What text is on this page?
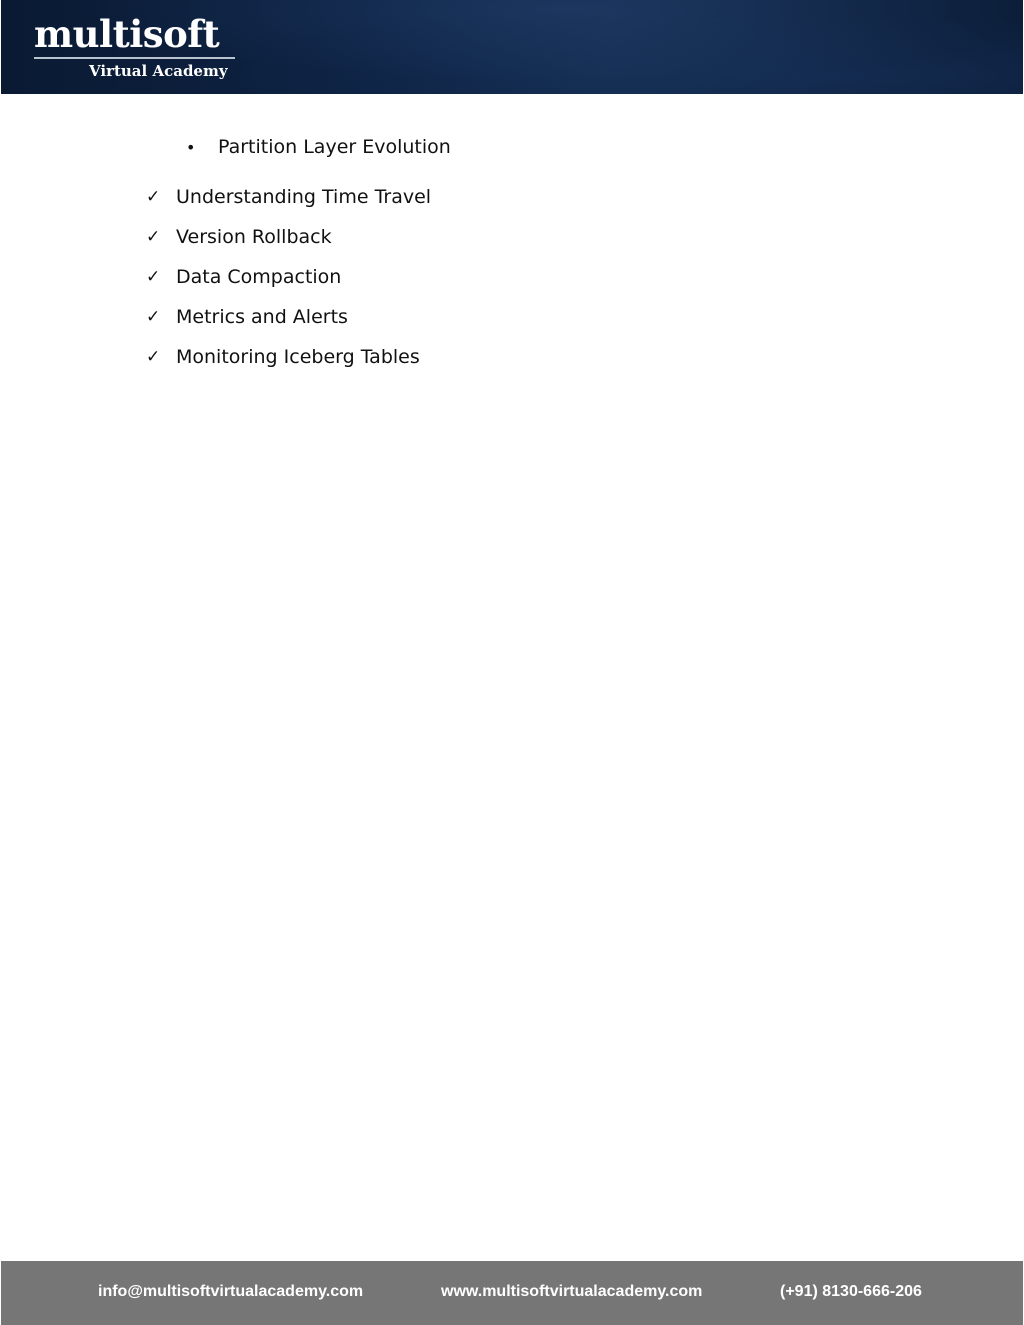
multisoft
Virtual Academy
•	Partition Layer Evolution
✓ Understanding Time Travel
✓ Version Rollback
✓ Data Compaction
✓ Metrics and Alerts
✓ Monitoring Iceberg Tables
info@multisoftvirtualacademy.com	www.multisoftvirtualacademy.com	(+91) 8130-666-206
